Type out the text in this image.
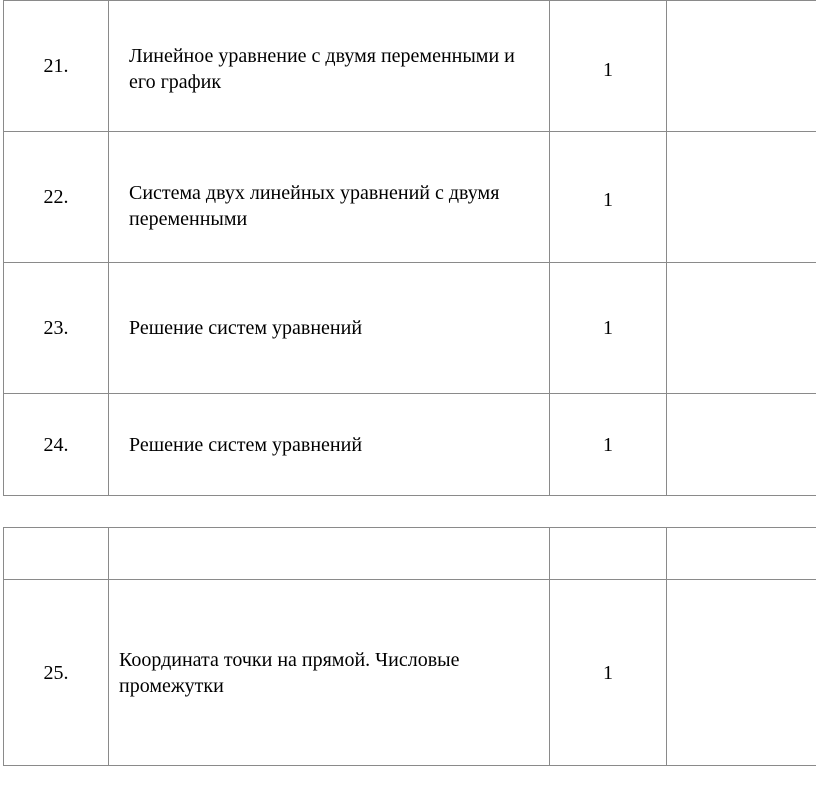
21.	Линейное уравнение с двумя переменными и его график	1	
22.	Система двух линейных уравнений с двумя переменными	1	
23.	Решение систем уравнений	1	
24.	Решение систем уравнений	1	

25.	Координата точки на прямой. Числовые промежутки	1	
